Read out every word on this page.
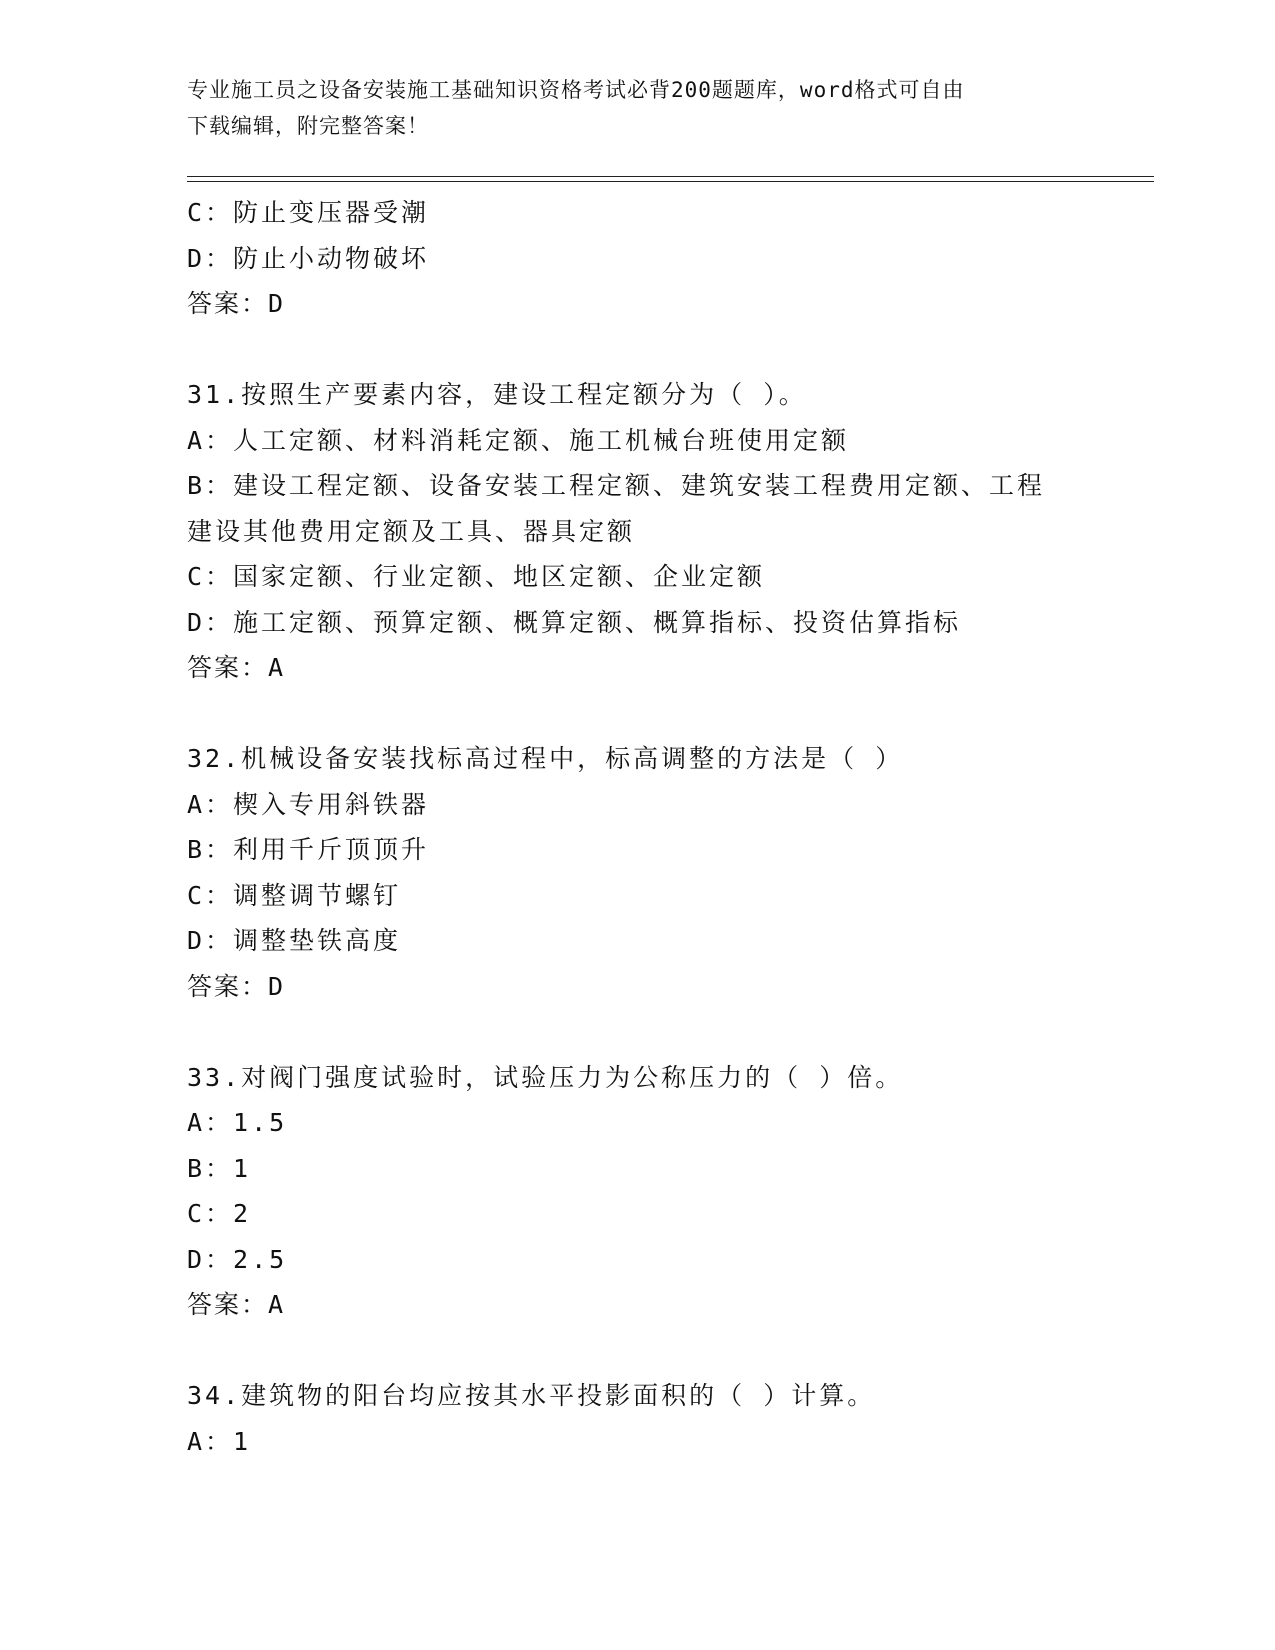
专业施工员之设备安装施工基础知识资格考试必背200题题库，word格式可自由
下载编辑，附完整答案！
C：防止变压器受潮
D：防止小动物破坏
答案：D
31.按照生产要素内容，建设工程定额分为（ ）。
A：人工定额、材料消耗定额、施工机械台班使用定额
B：建设工程定额、设备安装工程定额、建筑安装工程费用定额、工程
建设其他费用定额及工具、器具定额
C：国家定额、行业定额、地区定额、企业定额
D：施工定额、预算定额、概算定额、概算指标、投资估算指标
答案：A
32.机械设备安装找标高过程中，标高调整的方法是（ ）
A：楔入专用斜铁器
B：利用千斤顶顶升
C：调整调节螺钉
D：调整垫铁高度
答案：D
33.对阀门强度试验时，试验压力为公称压力的（ ）倍。
A：1.5
B：1
C：2
D：2.5
答案：A
34.建筑物的阳台均应按其水平投影面积的（ ）计算。
A：1
